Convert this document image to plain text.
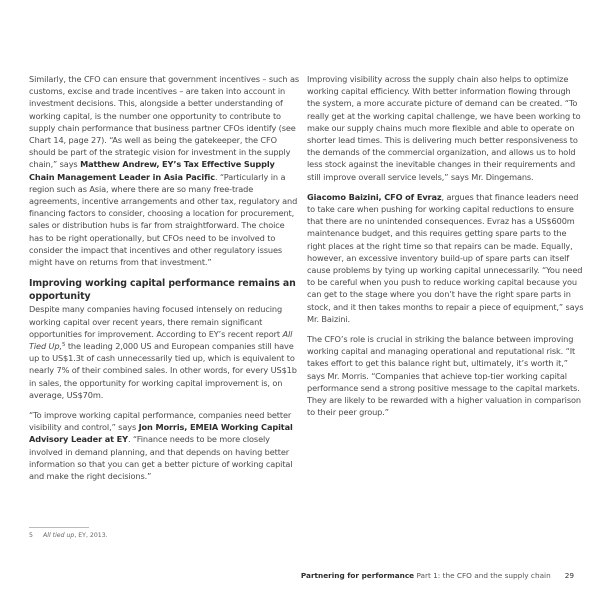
Similarly, the CFO can ensure that government incentives – such as customs, excise and trade incentives – are taken into account in investment decisions. This, alongside a better understanding of working capital, is the number one opportunity to contribute to supply chain performance that business partner CFOs identify (see Chart 14, page 27). “As well as being the gatekeeper, the CFO should be part of the strategic vision for investment in the supply chain,” says Matthew Andrew, EY’s Tax Effective Supply Chain Management Leader in Asia Pacific. “Particularly in a region such as Asia, where there are so many free-trade agreements, incentive arrangements and other tax, regulatory and financing factors to consider, choosing a location for procurement, sales or distribution hubs is far from straightforward. The choice has to be right operationally, but CFOs need to be involved to consider the impact that incentives and other regulatory issues might have on returns from that investment.”

Improving working capital performance remains an opportunity

Despite many companies having focused intensely on reducing working capital over recent years, there remain significant opportunities for improvement. According to EY’s recent report All Tied Up,$^5$ the leading 2,000 US and European companies still have up to US$1.3t of cash unnecessarily tied up, which is equivalent to nearly 7% of their combined sales. In other words, for every US$1b in sales, the opportunity for working capital improvement is, on average, US$70m.

“To improve working capital performance, companies need better visibility and control,” says Jon Morris, EMEIA Working Capital Advisory Leader at EY. “Finance needs to be more closely involved in demand planning, and that depends on having better information so that you can get a better picture of working capital and make the right decisions.”

Improving visibility across the supply chain also helps to optimize working capital efficiency. With better information flowing through the system, a more accurate picture of demand can be created. “To really get at the working capital challenge, we have been working to make our supply chains much more flexible and able to operate on shorter lead times. This is delivering much better responsiveness to the demands of the commercial organization, and allows us to hold less stock against the inevitable changes in their requirements and still improve overall service levels,” says Mr. Dingemans.

Giacomo Baizini, CFO of Evraz, argues that finance leaders need to take care when pushing for working capital reductions to ensure that there are no unintended consequences. Evraz has a US$600m maintenance budget, and this requires getting spare parts to the right places at the right time so that repairs can be made. Equally, however, an excessive inventory build-up of spare parts can itself cause problems by tying up working capital unnecessarily. “You need to be careful when you push to reduce working capital because you can get to the stage where you don’t have the right spare parts in stock, and it then takes months to repair a piece of equipment,” says Mr. Baizini.

The CFO’s role is crucial in striking the balance between improving working capital and managing operational and reputational risk. “It takes effort to get this balance right but, ultimately, it’s worth it,” says Mr. Morris. “Companies that achieve top-tier working capital performance send a strong positive message to the capital markets. They are likely to be rewarded with a higher valuation in comparison to their peer group.”

5 All tied up, EY, 2013.
Partnering for performance Part 1: the CFO and the supply chain 29
